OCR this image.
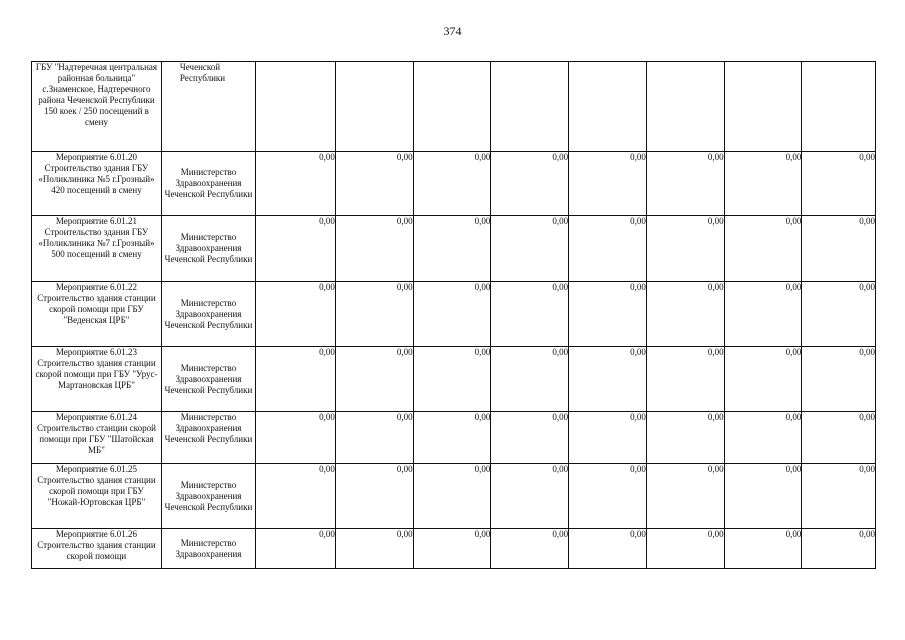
374
ГБУ "Надтеречная центральная районная больница" с.Знаменское, Надтеречного района Чеченской Республики 150 коек / 250 посещений в смену	Чеченской Республики								
Мероприятие 6.01.20 Строительство здания ГБУ «Поликлиника №5 г.Грозный» 420 посещений в смену	Министерство Здравоохранения Чеченской Республики	0,00	0,00	0,00	0,00	0,00	0,00	0,00	0,00
Мероприятие 6.01.21 Строительство здания ГБУ «Поликлиника №7 г.Грозный» 500 посещений в смену	Министерство Здравоохранения Чеченской Республики	0,00	0,00	0,00	0,00	0,00	0,00	0,00	0,00
Мероприятие 6.01.22 Строительство здания станции скорой помощи при ГБУ "Веденская ЦРБ"	Министерство Здравоохранения Чеченской Республики	0,00	0,00	0,00	0,00	0,00	0,00	0,00	0,00
Мероприятие 6.01.23 Строительство здания станции скорой помощи при ГБУ "Урус-Мартановская ЦРБ"	Министерство Здравоохранения Чеченской Республики	0,00	0,00	0,00	0,00	0,00	0,00	0,00	0,00
Мероприятие 6.01.24 Строительство станции скорой помощи при ГБУ "Шатойская МБ"	Министерство Здравоохранения Чеченской Республики	0,00	0,00	0,00	0,00	0,00	0,00	0,00	0,00
Мероприятие 6.01.25 Строительство здания станции скорой помощи при ГБУ "Ножай-Юртовская ЦРБ"	Министерство Здравоохранения Чеченской Республики	0,00	0,00	0,00	0,00	0,00	0,00	0,00	0,00
Мероприятие 6.01.26 Строительство здания станции скорой помощи	Министерство Здравоохранения	0,00	0,00	0,00	0,00	0,00	0,00	0,00	0,00
